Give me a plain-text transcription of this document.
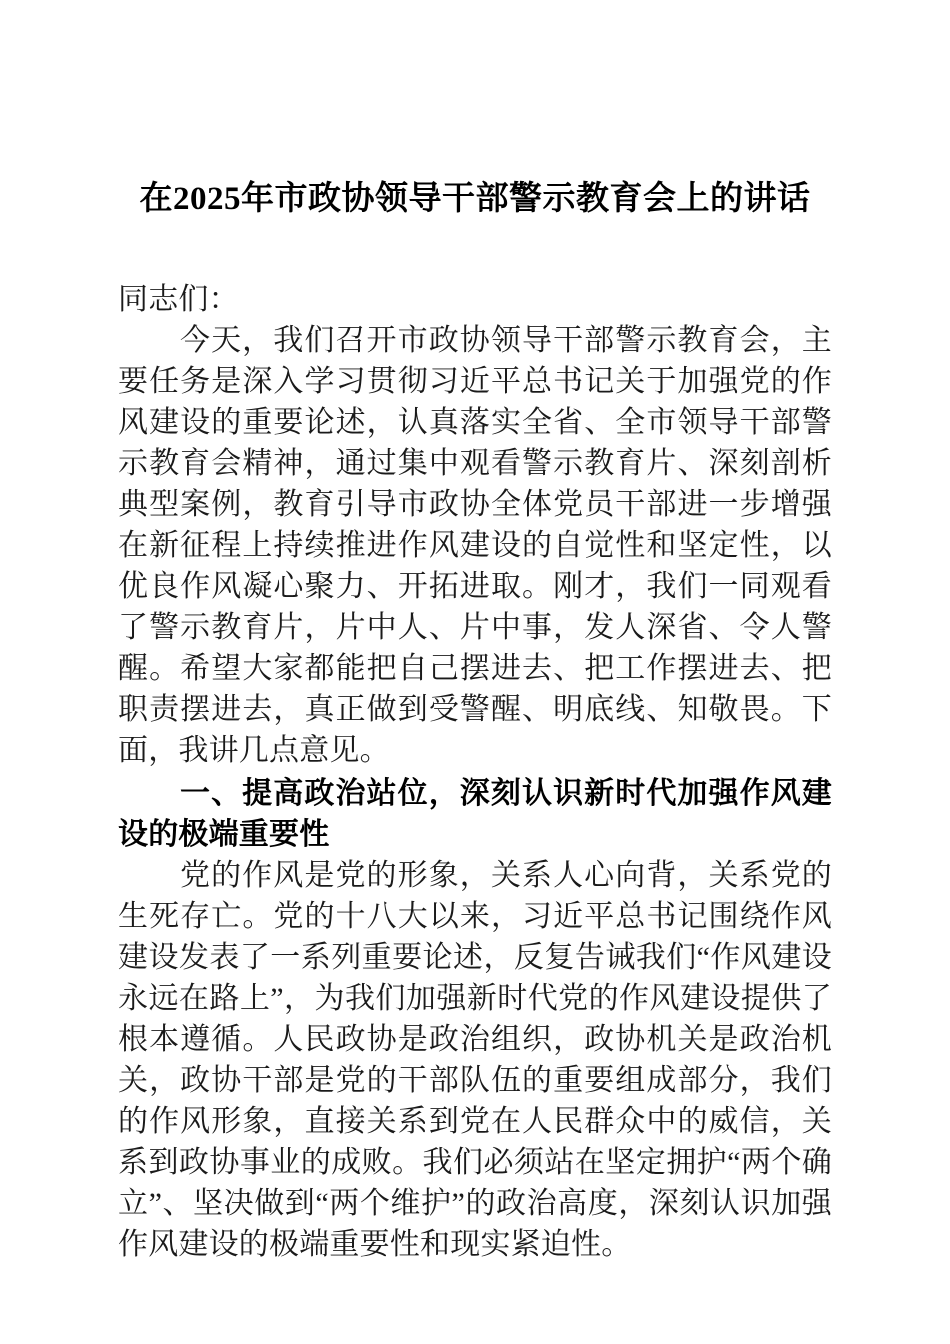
在2025年市政协领导干部警示教育会上的讲话

同志们：

今天，我们召开市政协领导干部警示教育会，主要任务是深入学习贯彻习近平总书记关于加强党的作风建设的重要论述，认真落实全省、全市领导干部警示教育会精神，通过集中观看警示教育片、深刻剖析典型案例，教育引导市政协全体党员干部进一步增强在新征程上持续推进作风建设的自觉性和坚定性，以优良作风凝心聚力、开拓进取。刚才，我们一同观看了警示教育片，片中人、片中事，发人深省、令人警醒。希望大家都能把自己摆进去、把工作摆进去、把职责摆进去，真正做到受警醒、明底线、知敬畏。下面，我讲几点意见。

一、提高政治站位，深刻认识新时代加强作风建设的极端重要性

党的作风是党的形象，关系人心向背，关系党的生死存亡。党的十八大以来，习近平总书记围绕作风建设发表了一系列重要论述，反复告诫我们“作风建设永远在路上”，为我们加强新时代党的作风建设提供了根本遵循。人民政协是政治组织，政协机关是政治机关，政协干部是党的干部队伍的重要组成部分，我们的作风形象，直接关系到党在人民群众中的威信，关系到政协事业的成败。我们必须站在坚定拥护“两个确立”、坚决做到“两个维护”的政治高度，深刻认识加强作风建设的极端重要性和现实紧迫性。
